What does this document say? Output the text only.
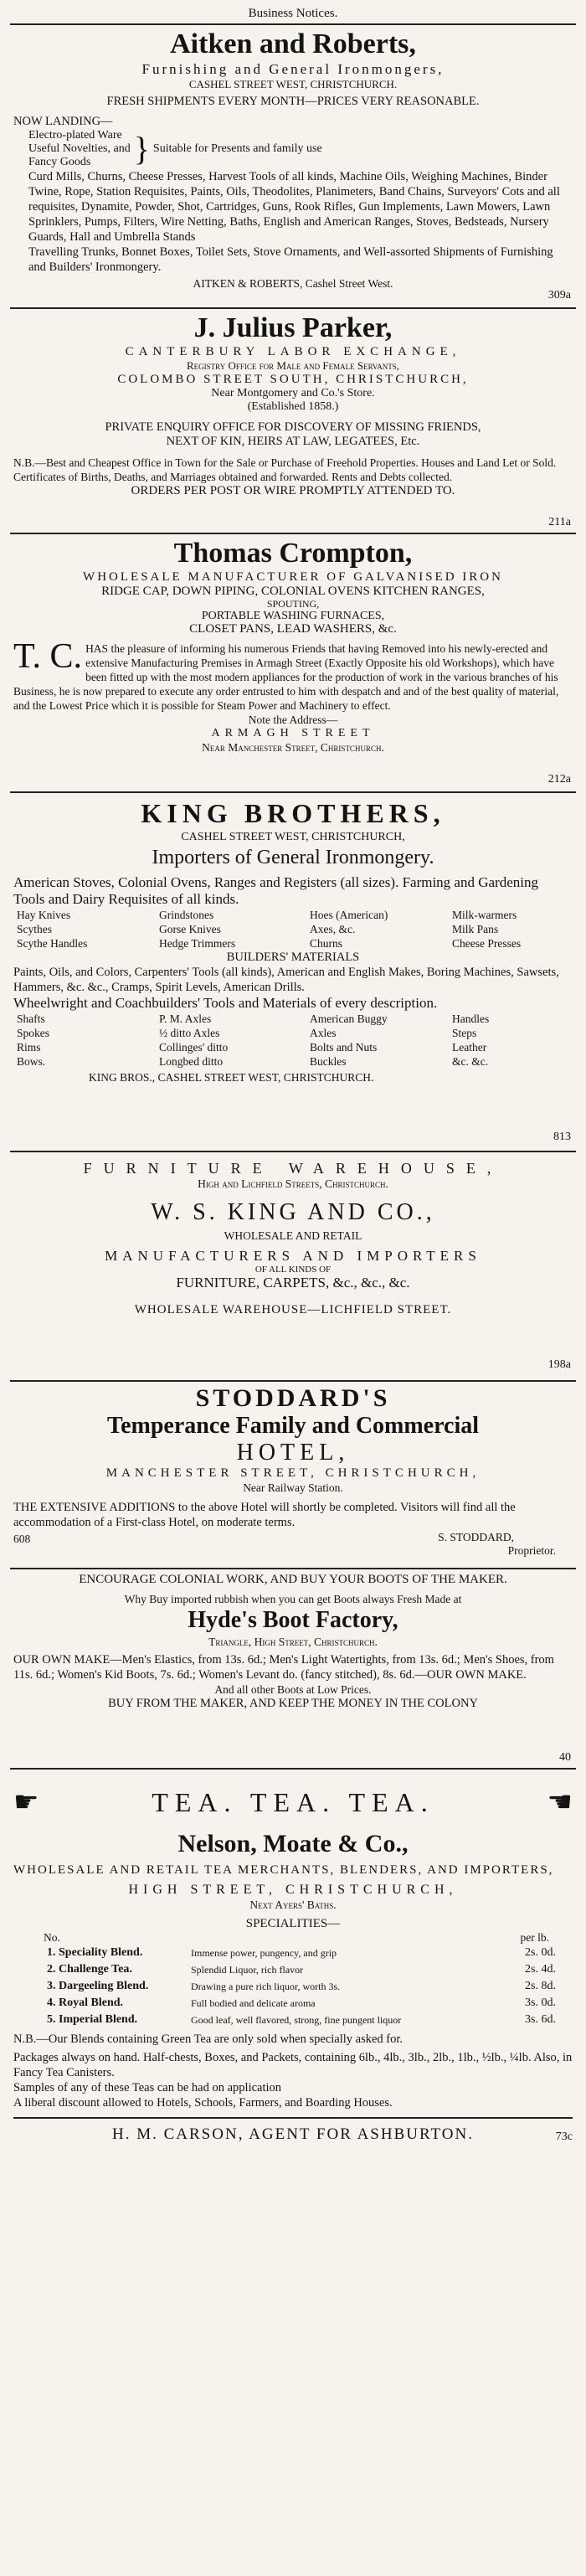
Business Notices.
Aitken and Roberts,
Furnishing and General Ironmongers,
CASHEL STREET WEST, CHRISTCHURCH.
FRESH SHIPMENTS EVERY MONTH—PRICES VERY REASONABLE.
NOW LANDING—
Electro-plated Ware
Useful Novelties, and
Fancy Goods	} Suitable for Presents and family use

Curd Mills, Churns, Cheese Presses, Harvest Tools of all kinds, Machine Oils, Weighing Machines, Binder Twine, Rope, Station Requisites, Paints, Oils, Theodolites, Planimeters, Band Chains, Surveyors' Cots and all requisites, Dynamite, Powder, Shot, Cartridges, Guns, Rook Rifles, Gun Implements, Lawn Mowers, Lawn Sprinklers, Pumps, Filters, Wire Netting, Baths, English and American Ranges, Stoves, Bedsteads, Nursery Guards, Hall and Umbrella Stands

Travelling Trunks, Bonnet Boxes, Toilet Sets, Stove Ornaments, and Well-assorted Shipments of Furnishing and Builders' Ironmongery.

AITKEN & ROBERTS, Cashel Street West.
309a
J. Julius Parker,
CANTERBURY LABOR EXCHANGE,
Registry Office for Male and Female Servants,
COLOMBO STREET SOUTH, CHRISTCHURCH,
Near Montgomery and Co.'s Store.
(Established 1858.)
PRIVATE ENQUIRY OFFICE FOR DISCOVERY OF MISSING FRIENDS,
NEXT OF KIN, HEIRS AT LAW, LEGATEES, Etc.

N.B.—Best and Cheapest Office in Town for the Sale or Purchase of Freehold Properties. Houses and Land Let or Sold. Certificates of Births, Deaths, and Marriages obtained and forwarded. Rents and Debts collected.

ORDERS PER POST OR WIRE PROMPTLY ATTENDED TO.
211a
Thomas Crompton,
WHOLESALE MANUFACTURER OF GALVANISED IRON
RIDGE CAP, DOWN PIPING, COLONIAL OVENS KITCHEN RANGES,
SPOUTING,
PORTABLE WASHING FURNACES,
CLOSET PANS, LEAD WASHERS, &c.
T. C. HAS the pleasure of informing his numerous Friends that having Removed into his newly-erected and extensive Manufacturing Premises in Armagh Street (Exactly Opposite his old Workshops), which have been fitted up with the most modern appliances for the production of work in the various branches of his Business, he is now prepared to execute any order entrusted to him with despatch and and of the best quality of material, and the Lowest Price which it is possible for Steam Power and Machinery to effect.

Note the Address—
ARMAGH STREET
Near Manchester Street, Christchurch.
212a
KING BROTHERS,
CASHEL STREET WEST, CHRISTCHURCH,
Importers of General Ironmongery.

American Stoves, Colonial Ovens, Ranges and Registers (all sizes). Farming and Gardening Tools and Dairy Requisites of all kinds.

Hay Knives	Grindstones	Hoes (American)	Milk-warmers
Scythes	Gorse Knives	Axes, &c.	Milk Pans
Scythe Handles	Hedge Trimmers	Churns	Cheese Presses
BUILDERS' MATERIALS

Paints, Oils, and Colors, Carpenters' Tools (all kinds), American and English Makes, Boring Machines, Sawsets, Hammers, &c. &c., Cramps, Spirit Levels, American Drills.

Wheelwright and Coachbuilders' Tools and Materials of every description.

Shafts	P. M. Axles	American Buggy	Handles
Spokes	½ ditto Axles	Axles	Steps
Rims	Collinges' ditto	Bolts and Nuts	Leather
Bows.	Longbed ditto	Buckles	&c. &c.
KING BROS., CASHEL STREET WEST, CHRISTCHURCH.
813
FURNITURE WAREHOUSE,
High and Lichfield Streets, Christchurch.
W. S. KING AND CO.,
WHOLESALE AND RETAIL
MANUFACTURERS AND IMPORTERS
OF ALL KINDS OF
FURNITURE, CARPETS, &c., &c., &c.
WHOLESALE WAREHOUSE—LICHFIELD STREET.
198a
STODDARD'S
Temperance Family and Commercial
HOTEL,
MANCHESTER STREET, CHRISTCHURCH,
Near Railway Station.

THE EXTENSIVE ADDITIONS to the above Hotel will shortly be completed. Visitors will find all the accommodation of a First-class Hotel, on moderate terms.

608	S. STODDARD,
Proprietor.
ENCOURAGE COLONIAL WORK, AND BUY YOUR BOOTS OF THE MAKER.
Why Buy imported rubbish when you can get Boots always Fresh Made at
Hyde's Boot Factory,
Triangle, High Street, Christchurch.

OUR OWN MAKE—Men's Elastics, from 13s. 6d.; Men's Light Watertights, from 13s. 6d.; Men's Shoes, from 11s. 6d.; Women's Kid Boots, 7s. 6d.; Women's Levant do. (fancy stitched), 8s. 6d.—OUR OWN MAKE.

And all other Boots at Low Prices.
BUY FROM THE MAKER, AND KEEP THE MONEY IN THE COLONY
40
☛	TEA. TEA. TEA.	☚
Nelson, Moate & Co.,
WHOLESALE AND RETAIL TEA MERCHANTS, BLENDERS, AND IMPORTERS,
HIGH STREET, CHRISTCHURCH,
Next Ayers' Baths.
SPECIALITIES—
No.	per lb.
1. Speciality Blend.	Immense power, pungency, and grip	2s. 0d.
2. Challenge Tea.	Splendid Liquor, rich flavor	2s. 4d.
3. Dargeeling Blend.	Drawing a pure rich liquor, worth 3s.	2s. 8d.
4. Royal Blend.	Full bodied and delicate aroma	3s. 0d.
5. Imperial Blend.	Good leaf, well flavored, strong, fine pungent liquor	3s. 6d.

N.B.—Our Blends containing Green Tea are only sold when specially asked for.

Packages always on hand. Half-chests, Boxes, and Packets, containing 6lb., 4lb., 3lb., 2lb., 1lb., ½lb., ¼lb. Also, in Fancy Tea Canisters.

Samples of any of these Teas can be had on application

A liberal discount allowed to Hotels, Schools, Farmers, and Boarding Houses.

H. M. CARSON, AGENT FOR ASHBURTON.	73c
